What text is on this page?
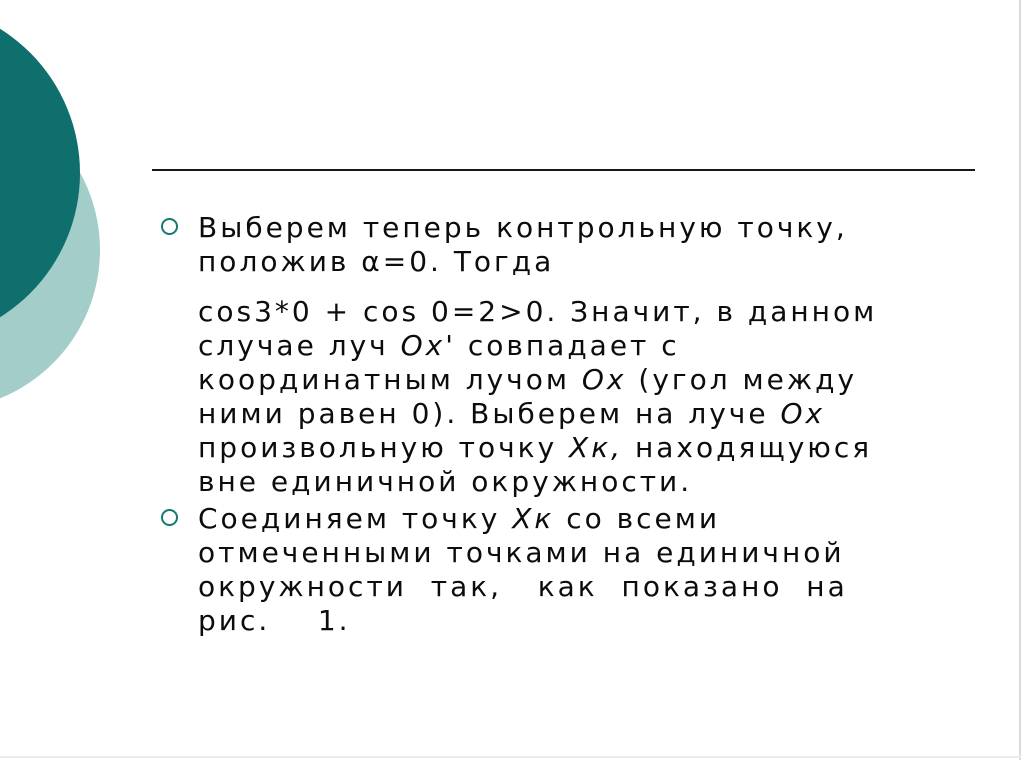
Выберем теперь контрольную точку,
положив α=0. Тогда
cos3*0 + cos 0=2>0. Значит, в данном
случае луч Ox' совпадает с
координатным лучом Ox (угол между
ними равен 0). Выберем на луче Ox
произвольную точку Хк, находящуюся
вне единичной окружности.
Соединяем точку Хк со всеми
отмеченными точками на единичной
окружности  так,   как  показано  на
рис.    1.
